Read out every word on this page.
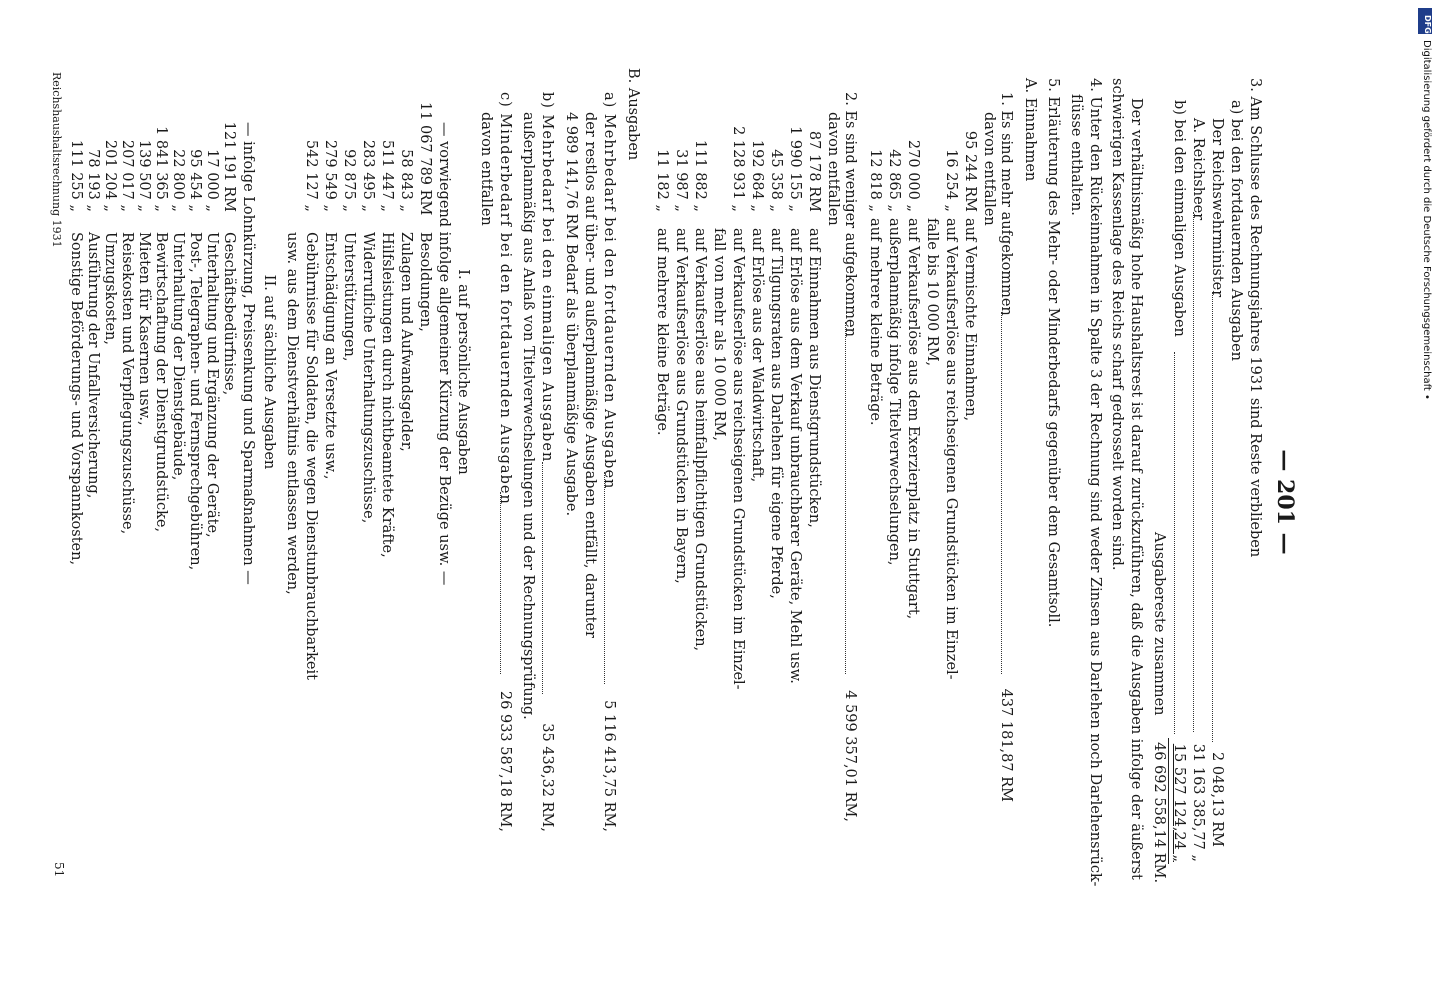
— 201 —
3. Am Schlusse des Rechnungsjahres 1931 sind Reste verblieben
a) bei den fortdauernden Ausgaben
Der Reichswehrminister
2 048,13 RM
A. Reichsheer
31 163 385,77 „
b) bei den einmaligen Ausgaben
15 527 124,24 „
Ausgabereste zusammen
46 692 558,14 RM.
Der verhältnismäßig hohe Haushaltsrest ist darauf zurückzuführen, daß die Ausgaben infolge der äußerst
schwierigen Kassenlage des Reichs scharf gedrosselt worden sind.
4. Unter den Rückeinnahmen in Spalte 3 der Rechnung sind weder Zinsen aus Darlehen noch Darlehensrück-
flüsse enthalten.
5. Erläuterung des Mehr- oder Minderbedarfs gegenüber dem Gesamtsoll.
A. Einnahmen
1. Es sind mehr aufgekommen
437 181,87 RM
davon entfallen
95 244 RM
auf Vermischte Einnahmen,
16 254 „
auf Verkaufserlöse aus reichseigenen Grundstücken im Einzel-
falle bis 10 000 RM,
270 000 „
auf Verkaufserlöse aus dem Exerzierplatz in Stuttgart,
42 865 „
außerplanmäßig infolge Titelverwechselungen,
12 818 „
auf mehrere kleine Beträge.
2. Es sind weniger aufgekommen
4 599 357,01 RM,
davon entfallen
87 178 RM
auf Einnahmen aus Dienstgrundstücken,
1 990 155 „
auf Erlöse aus dem Verkauf unbrauchbarer Geräte, Mehl usw.
45 358 „
auf Tilgungsraten aus Darlehen für eigene Pferde,
192 684 „
auf Erlöse aus der Waldwirtschaft,
2 128 931 „
auf Verkaufserlöse aus reichseigenen Grundstücken im Einzel-
fall von mehr als 10 000 RM,
111 882 „
auf Verkaufserlöse aus heimfallpflichtigen Grundstücken,
31 987 „
auf Verkaufserlöse aus Grundstücken in Bayern,
11 182 „
auf mehrere kleine Beträge.
B. Ausgaben
a) Mehrbedarf bei den fortdauernden Ausgaben
5 116 413,75 RM,
der restlos auf über- und außerplanmäßige Ausgaben entfällt, darunter
4 989 141,76 RM Bedarf als überplanmäßige Ausgabe.
b) Mehrbedarf bei den einmaligen Ausgaben
35 436,32 RM,
außerplanmäßig aus Anlaß von Titelverwechselungen und der Rechnungsprüfung.
c) Minderbedarf bei den fortdauernden Ausgaben
26 933 587,18 RM,
davon entfallen
I. auf persönliche Ausgaben
— vorwiegend infolge allgemeiner Kürzung der Bezüge usw. —
11 067 789 RM
Besoldungen,
58 843 „
Zulagen und Aufwandsgelder,
511 447 „
Hilfsleistungen durch nichtbeamtete Kräfte,
283 495 „
Widerrufliche Unterhaltungszuschüsse,
92 875 „
Unterstützungen,
279 549 „
Entschädigung an Versetzte usw.,
542 127 „
Gebührnisse für Soldaten, die wegen Dienstunbrauchbarkeit
usw. aus dem Dienstverhältnis entlassen werden,
II. auf sächliche Ausgaben
— infolge Lohnkürzung, Preissenkung und Sparmaßnahmen —
121 191 RM
Geschäftsbedürfnisse,
17 000 „
Unterhaltung und Ergänzung der Geräte,
95 454 „
Post-, Telegraphen- und Fernsprechgebühren,
22 800 „
Unterhaltung der Dienstgebäude,
1 841 365 „
Bewirtschaftung der Dienstgrundstücke,
139 507 „
Mieten für Kasernen usw.,
207 017 „
Reisekosten und Verpflegungszuschüsse,
201 204 „
Umzugskosten,
78 193 „
Ausführung der Unfallversicherung,
111 255 „
Sonstige Beförderungs- und Vorspannkosten,
Reichshaushaltsrechnung 1931
51
DFG
Digitalisierung gefördert durch die Deutsche Forschungsgemeinschaft •
